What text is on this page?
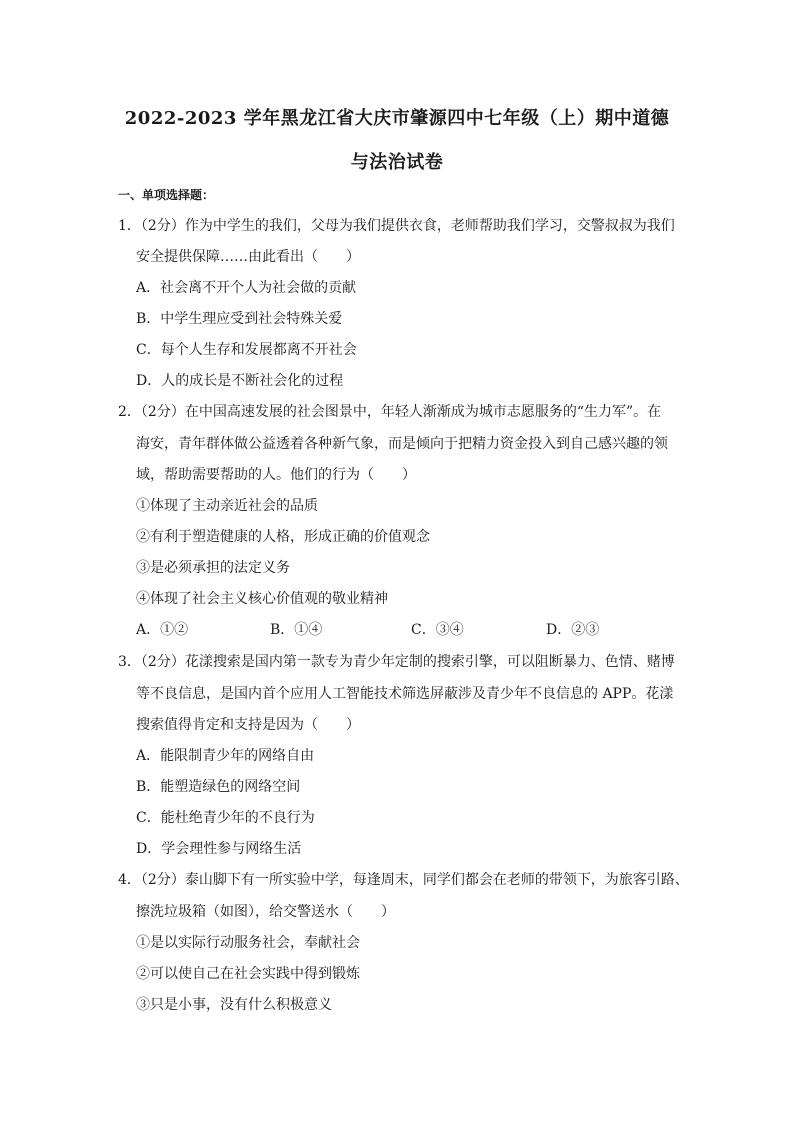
2022-2023 学年黑龙江省大庆市肇源四中七年级（上）期中道德
与法治试卷
一、单项选择题：
1．（2分）作为中学生的我们，父母为我们提供衣食，老师帮助我们学习，交警叔叔为我们
安全提供保障……由此看出（　　）
A．社会离不开个人为社会做的贡献
B．中学生理应受到社会特殊关爱
C．每个人生存和发展都离不开社会
D．人的成长是不断社会化的过程
2．（2分）在中国高速发展的社会图景中，年轻人渐渐成为城市志愿服务的“生力军”。在
海安，青年群体做公益透着各种新气象，而是倾向于把精力资金投入到自己感兴趣的领
域，帮助需要帮助的人。他们的行为（　　）
①体现了主动亲近社会的品质
②有利于塑造健康的人格，形成正确的价值观念
③是必须承担的法定义务
④体现了社会主义核心价值观的敬业精神
A．①②	B．①④	C．③④	D．②③
3．（2分）花漾搜索是国内第一款专为青少年定制的搜索引擎，可以阻断暴力、色情、赌博
等不良信息，是国内首个应用人工智能技术筛选屏蔽涉及青少年不良信息的 APP。花漾
搜索值得肯定和支持是因为（　　）
A．能限制青少年的网络自由
B．能塑造绿色的网络空间
C．能杜绝青少年的不良行为
D．学会理性参与网络生活
4．（2分）泰山脚下有一所实验中学，每逢周末，同学们都会在老师的带领下，为旅客引路、
擦洗垃圾箱（如图），给交警送水（　　）
①是以实际行动服务社会，奉献社会
②可以使自己在社会实践中得到锻炼
③只是小事，没有什么积极意义
